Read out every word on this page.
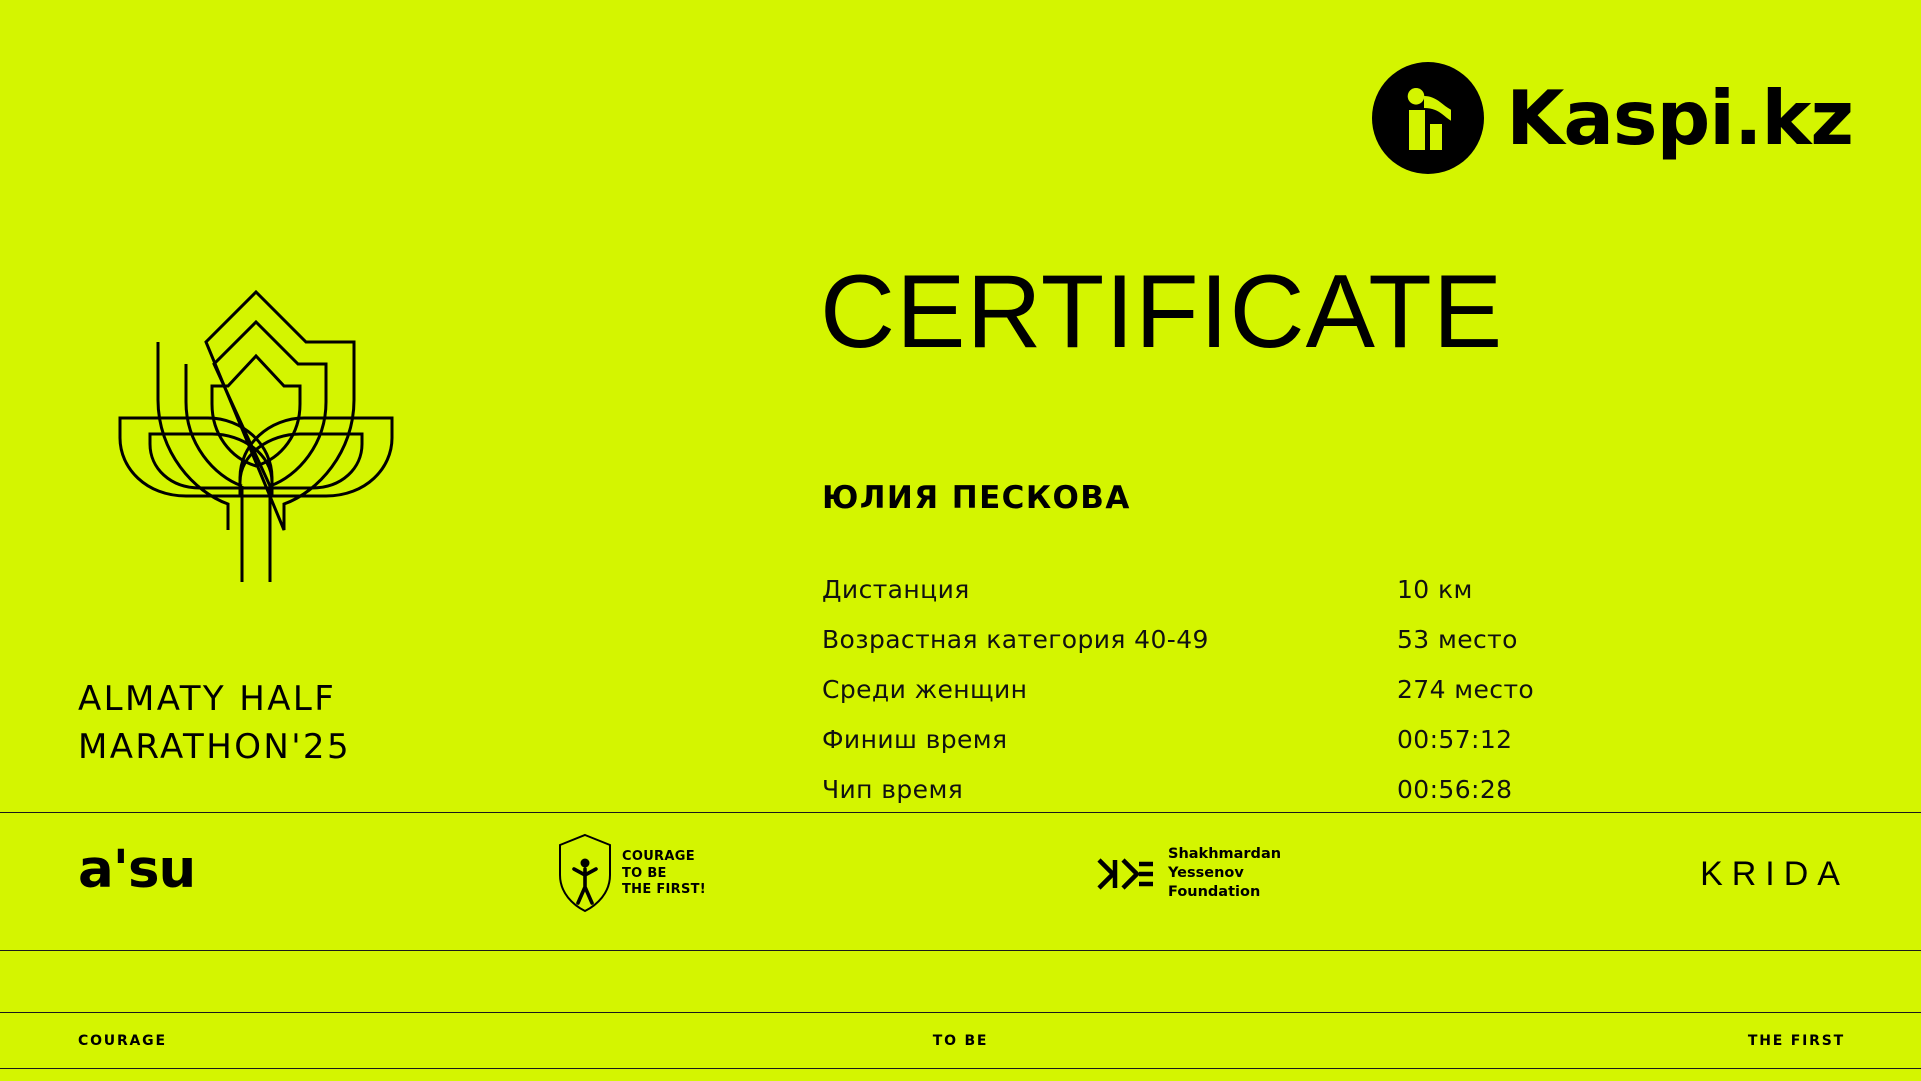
Kaspi.kz
ALMATY HALF
MARATHON'25
CERTIFICATE
ЮЛИЯ ПЕСКОВА
Дистанция	10 км
Возрастная категория 40-49	53 место
Среди женщин	274 место
Финиш время	00:57:12
Чип время	00:56:28
a'su	COURAGE
TO BE
THE FIRST!
Shakhmardan
Yessenov
Foundation	KRIDA
COURAGE	TO BE	THE FIRST
